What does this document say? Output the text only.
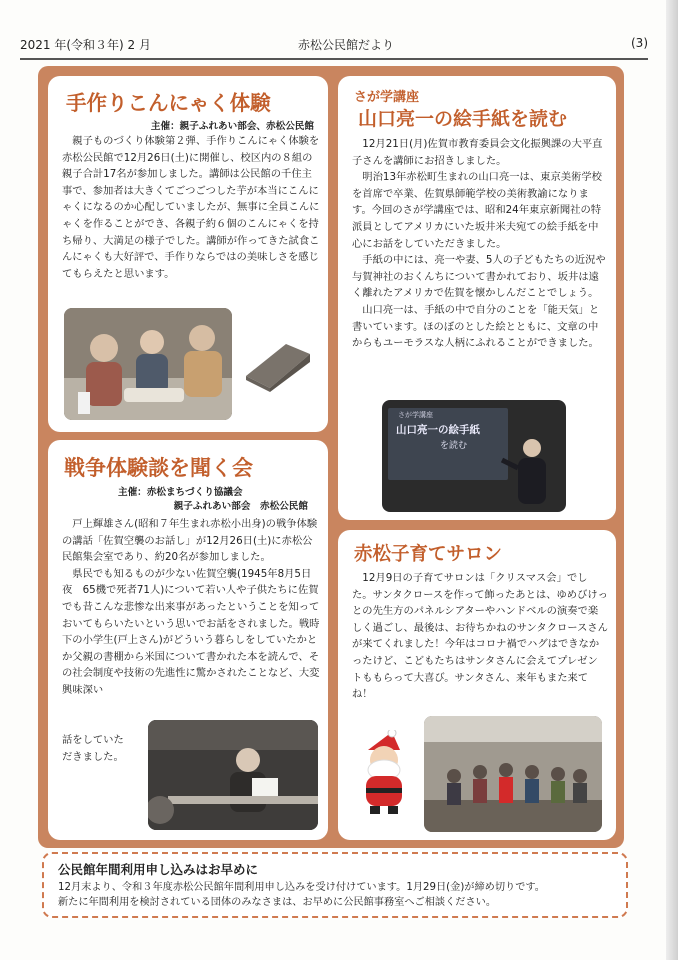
2021 年(令和３年) 2 月	赤松公民館だより	(3)
手作りこんにゃく体験
主催：親子ふれあい部会、赤松公民館

親子ものづくり体験第２弾、手作りこんにゃく体験を赤松公民館で12月26日(土)に開催し、校区内の８組の親子合計17名が参加しました。講師は公民館の千住主事で、参加者は大きくてごつごつした芋が本当にこんにゃくになるのか心配していましたが、無事に全員こんにゃくを作ることができ、各親子約６個のこんにゃくを持ち帰り、大満足の様子でした。講師が作ってきた試食こんにゃくも大好評で、手作りならではの美味しさを感じてもらえたと思います。

さが学講座
山口亮一の絵手紙を読む

12月21日(月)佐賀市教育委員会文化振興課の大平直子さんを講師にお招きしました。

明治13年赤松町生まれの山口亮一は、東京美術学校を首席で卒業、佐賀県師範学校の美術教諭になります。今回のさが学講座では、昭和24年東京新聞社の特派員としてアメリカにいた坂井米夫宛ての絵手紙を中心にお話をしていただきました。

手紙の中には、亮一や妻、5人の子どもたちの近況や与賀神社のおくんちについて書かれており、坂井は遠く離れたアメリカで佐賀を懐かしんだことでしょう。

山口亮一は、手紙の中で自分のことを「能天気」と書いています。ほのぼのとした絵とともに、文章の中からもユーモラスな人柄にふれることができました。

さが学講座
山口亮一の絵手紙
を読む
戦争体験談を聞く会
主催：赤松まちづくり協議会
親子ふれあい部会　赤松公民館

戸上輝雄さん(昭和７年生まれ赤松小出身)の戦争体験の講話「佐賀空襲のお話し」が12月26日(土)に赤松公民館集会室であり、約20名が参加しました。

県民でも知るものが少ない佐賀空襲(1945年8月5日夜　65機で死者71人)について若い人や子供たちに佐賀でも昔こんな悲惨な出来事があったということを知っておいてもらいたいという思いでお話をされました。戦時下の小学生(戸上さん)がどういう暮らしをしていたかとか父親の書棚から米国について書かれた本を読んで、その社会制度や技術の先進性に驚かされたことなど、大変興味深い

話をしていた
だきました。
赤松子育てサロン

12月9日の子育てサロンは「クリスマス会」でした。サンタクロースを作って飾ったあとは、ゆめびけっとの先生方のパネルシアターやハンドベルの演奏で楽しく過ごし、最後は、お待ちかねのサンタクロースさんが来てくれました！今年はコロナ禍でハグはできなかったけど、こどもたちはサンタさんに会えてプレゼントももらって大喜び。サンタさん、来年もまた来てね！

公民館年間利用申し込みはお早めに
12月末より、令和３年度赤松公民館年間利用申し込みを受け付けています。1月29日(金)が締め切りです。
新たに年間利用を検討されている団体のみなさまは、お早めに公民館事務室へご相談ください。
